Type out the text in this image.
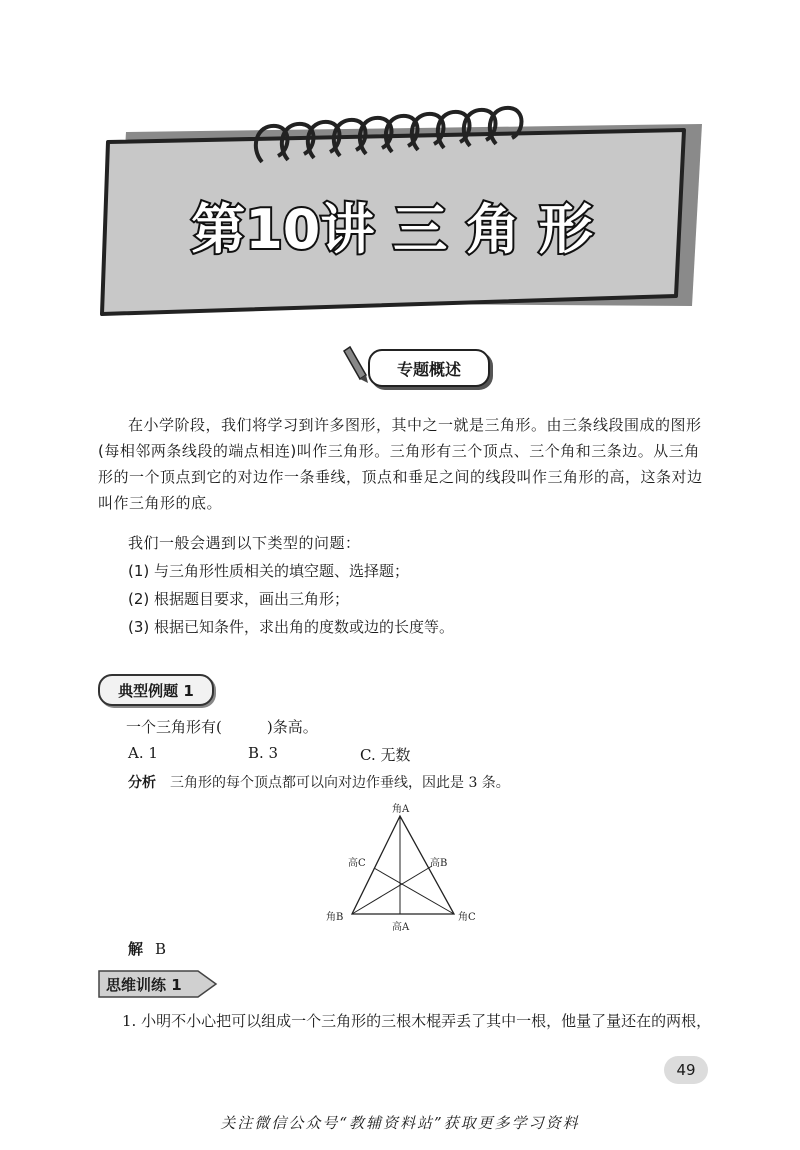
第10讲 三 角 形
专题概述
在小学阶段，我们将学习到许多图形，其中之一就是三角形。由三条线段围成的图形(每相邻两条线段的端点相连)叫作三角形。三角形有三个顶点、三个角和三条边。从三角形的一个顶点到它的对边作一条垂线，顶点和垂足之间的线段叫作三角形的高，这条对边叫作三角形的底。
我们一般会遇到以下类型的问题：
(1) 与三角形性质相关的填空题、选择题；
(2) 根据题目要求，画出三角形；
(3) 根据已知条件，求出角的度数或边的长度等。
典型例题 1
一个三角形有(　　　)条高。
A. 1	B. 3	C. 无数
分析 三角形的每个顶点都可以向对边作垂线，因此是 3 条。
角A
角B	角C
高C	高B
高A
解 B
思维训练 1
1. 小明不小心把可以组成一个三角形的三根木棍弄丢了其中一根，他量了量还在的两根，
49
关注微信公众号“教辅资料站”获取更多学习资料
